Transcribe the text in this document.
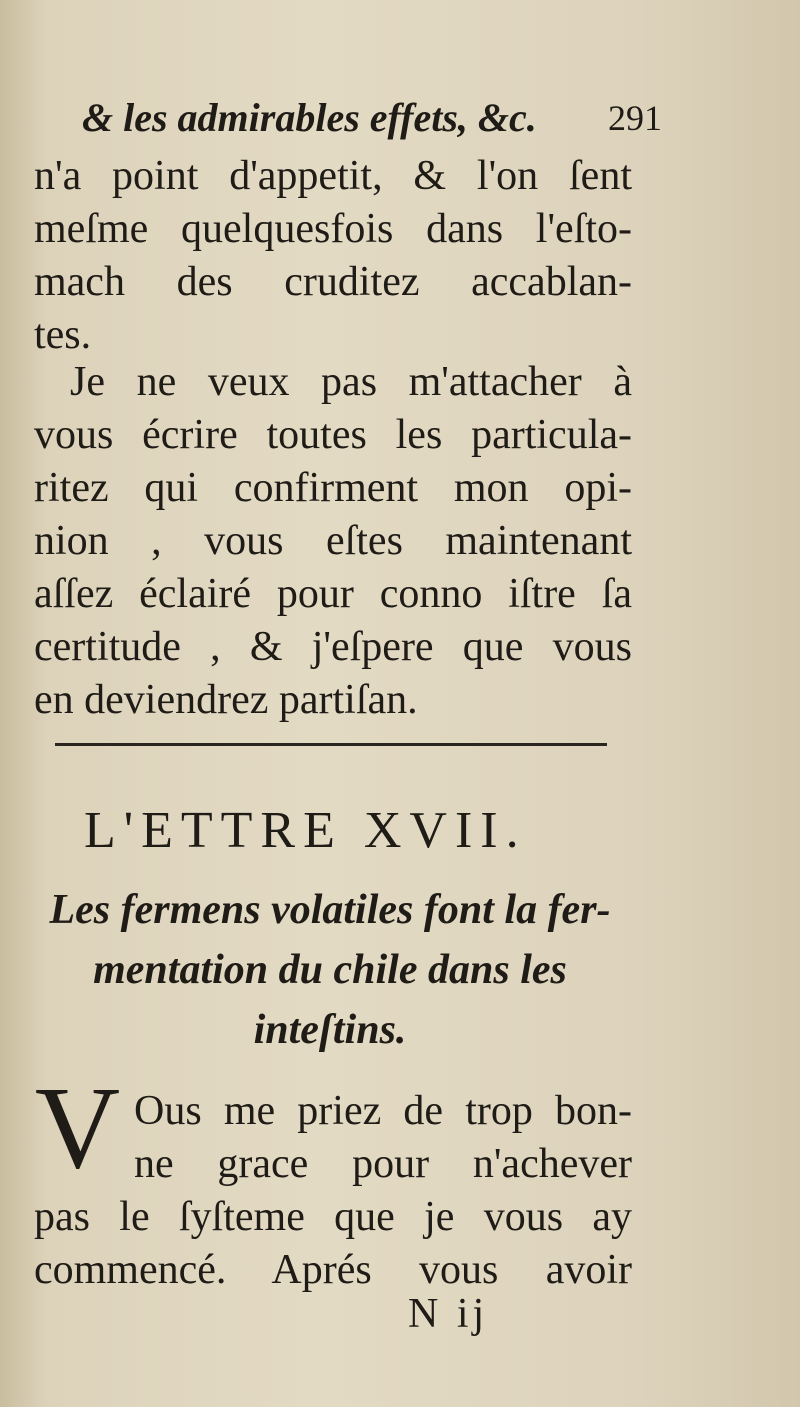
& les admirables effets, &c. 291
n'a point d'appetit, & l'on ſent
meſme quelquesfois dans l'eſto-
mach des cruditez accablan-
tes.
Je ne veux pas m'attacher à
vous écrire toutes les particula-
ritez qui confirment mon opi-
nion , vous eſtes maintenant
aſſez éclairé pour conno iſtre ſa
certitude , & j'eſpere que vous
en deviendrez partiſan.
L'ETTRE XVII.
Les fermens volatiles font la fer-
mentation du chile dans les
inteſtins.
V Ous me priez de trop bon-
ne grace pour n'achever
pas le ſyſteme que je vous ay
commencé. Aprés vous avoir
N ij
